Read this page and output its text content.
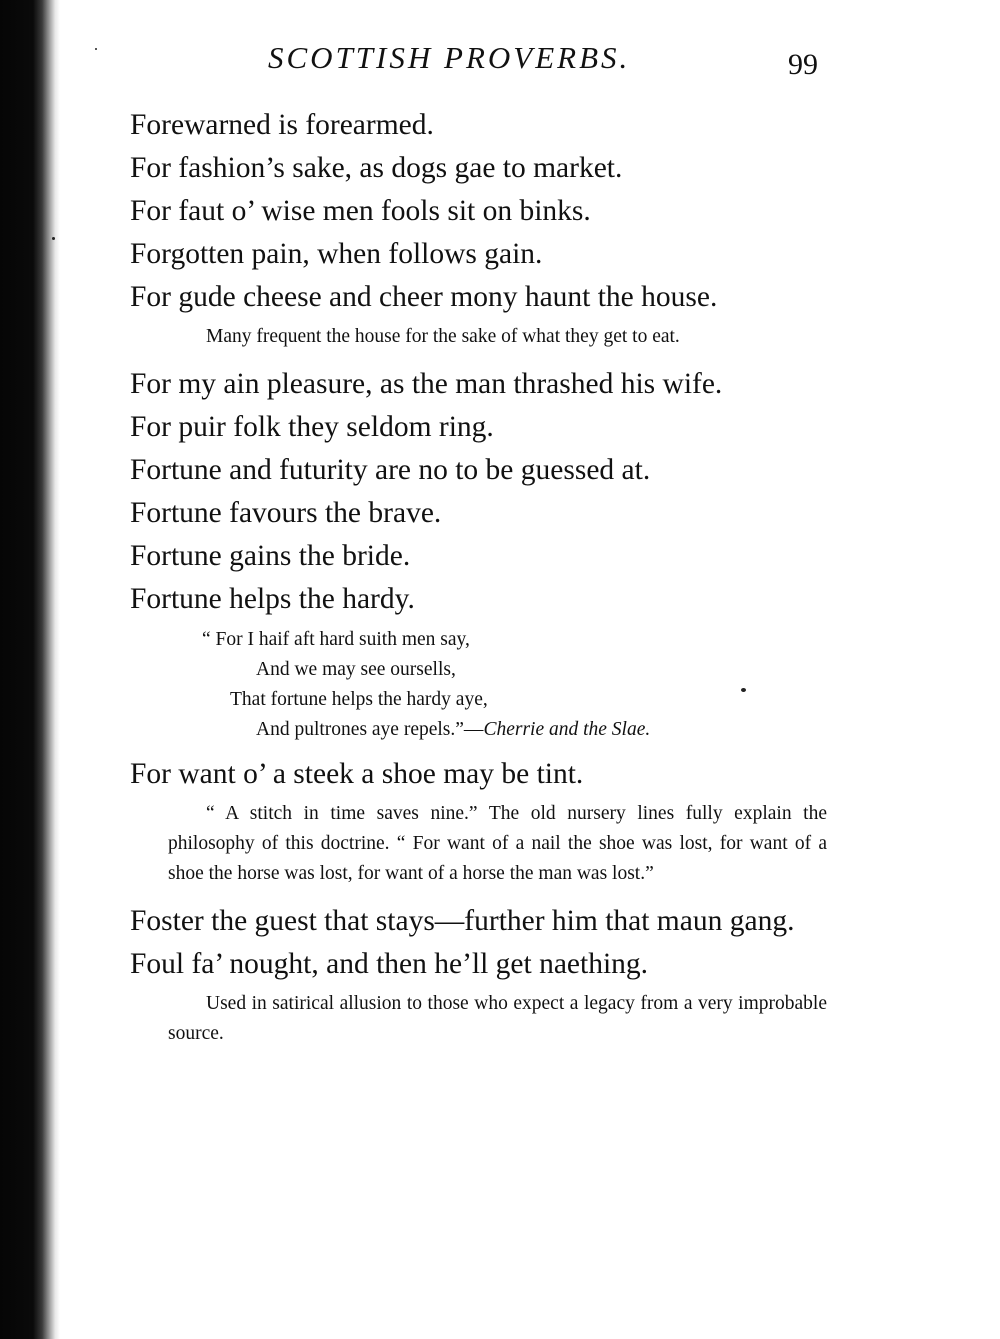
SCOTTISH PROVERBS.	99

Forewarned is forearmed.

For fashion’s sake, as dogs gae to market.

For faut o’ wise men fools sit on binks.

Forgotten pain, when follows gain.

For gude cheese and cheer mony haunt the house.

Many frequent the house for the sake of what they get to eat.

For my ain pleasure, as the man thrashed his wife.

For puir folk they seldom ring.

Fortune and futurity are no to be guessed at.

Fortune favours the brave.

Fortune gains the bride.

Fortune helps the hardy.

“ For I haif aft hard suith men say,
And we may see oursells,
That fortune helps the hardy aye,
And pultrones aye repels.”—Cherrie and the Slae.

For want o’ a steek a shoe may be tint.

“ A stitch in time saves nine.” The old nursery lines fully explain the philosophy of this doctrine. “ For want of a nail the shoe was lost, for want of a shoe the horse was lost, for want of a horse the man was lost.”

Foster the guest that stays—further him that maun gang.

Foul fa’ nought, and then he’ll get naething.

Used in satirical allusion to those who expect a legacy from a very improbable source.
